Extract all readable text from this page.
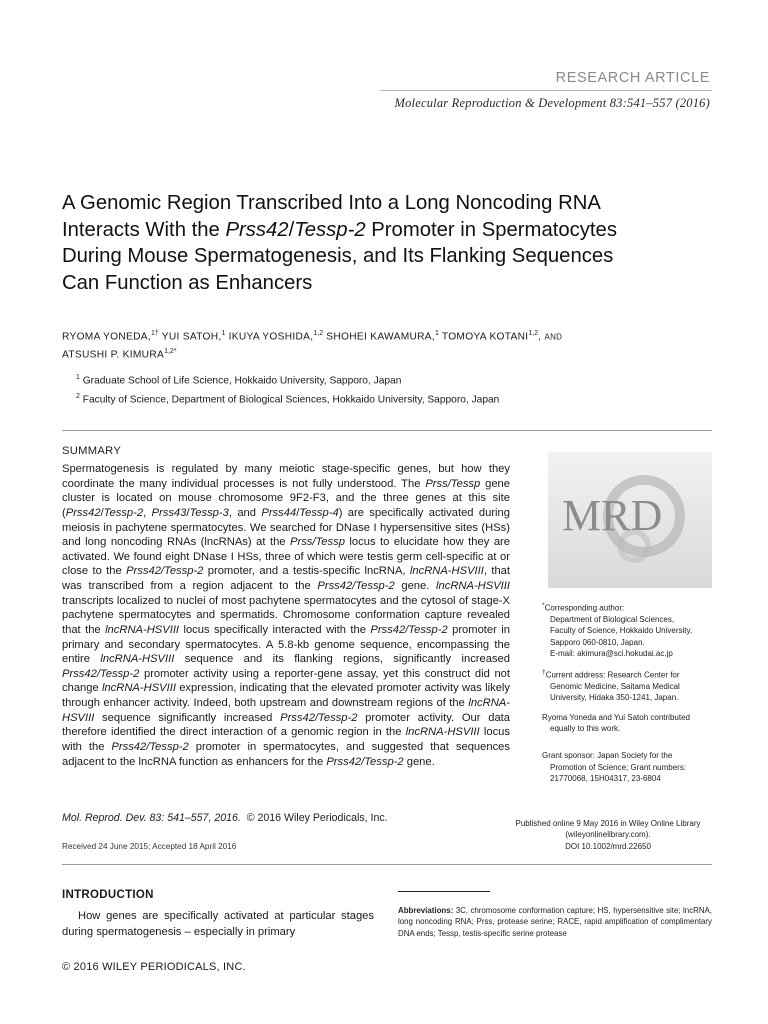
RESEARCH ARTICLE
Molecular Reproduction & Development 83:541–557 (2016)
A Genomic Region Transcribed Into a Long Noncoding RNA
Interacts With the Prss42/Tessp-2 Promoter in Spermatocytes
During Mouse Spermatogenesis, and Its Flanking Sequences
Can Function as Enhancers
RYOMA YONEDA,$^{1\dagger}$ YUI SATOH,$^1$ IKUYA YOSHIDA,$^{1,2}$ SHOHEI KAWAMURA,$^1$ TOMOYA KOTANI$^{1,2}$, AND
ATSUSHI P. $KIMURA^{1,2*}$
$^1$ Graduate School of Life Science, Hokkaido University, Sapporo, Japan
$^2$ Faculty of Science, Department of Biological Sciences, Hokkaido University, Sapporo, Japan
SUMMARY
Spermatogenesis is regulated by many meiotic stage-specific genes, but how they coordinate the many individual processes is not fully understood. The Prss/Tessp gene cluster is located on mouse chromosome 9F2-F3, and the three genes at this site (Prss42/Tessp-2, Prss43/Tessp-3, and Prss44/Tessp-4) are specifically activated during meiosis in pachytene spermatocytes. We searched for DNase I hypersensitive sites (HSs) and long noncoding RNAs (lncRNAs) at the Prss/Tessp locus to elucidate how they are activated. We found eight DNase I HSs, three of which were testis germ cell-specific at or close to the Prss42/Tessp-2 promoter, and a testis-specific lncRNA, lncRNA-HSVIII, that was transcribed from a region adjacent to the Prss42/Tessp-2 gene. lncRNA-HSVIII transcripts localized to nuclei of most pachytene spermatocytes and the cytosol of stage-X pachytene spermatocytes and spermatids. Chromosome conformation capture revealed that the lncRNA-HSVIII locus specifically interacted with the Prss42/Tessp-2 promoter in primary and secondary spermatocytes. A 5.8-kb genome sequence, encompassing the entire lncRNA-HSVIII sequence and its flanking regions, significantly increased Prss42/Tessp-2 promoter activity using a reporter-gene assay, yet this construct did not change lncRNA-HSVIII expression, indicating that the elevated promoter activity was likely through enhancer activity. Indeed, both upstream and downstream regions of the lncRNA-HSVIII sequence significantly increased Prss42/Tessp-2 promoter activity. Our data therefore identified the direct interaction of a genomic region in the lncRNA-HSVIII locus with the Prss42/Tessp-2 promoter in spermatocytes, and suggested that sequences adjacent to the lncRNA function as enhancers for the Prss42/Tessp-2 gene.
MRD

*Corresponding author:

Department of Biological Sciences,

Faculty of Science, Hokkaido University,

Sapporo 060-0810, Japan.

E-mail: akimura@sci.hokudai.ac.jp

†Current address: Research Center for

Genomic Medicine, Saitama Medical

University, Hidaka 350-1241, Japan.

Ryoma Yoneda and Yui Satoh contributed

equally to this work.

Grant sponsor: Japan Society for the

Promotion of Science; Grant numbers:

21770068, 15H04317, 23-6804

Mol. Reprod. Dev. 83: 541–557, 2016. © 2016 Wiley Periodicals, Inc.
Received 24 June 2015; Accepted 18 April 2016
Published online 9 May 2016 in Wiley Online Library
(wileyonlinelibrary.com).
DOI 10.1002/mrd.22650
INTRODUCTION
How genes are specifically activated at particular stages during spermatogenesis – especially in primary
Abbreviations: 3C, chromosome conformation capture; HS, hypersensitive site; lncRNA, long noncoding RNA; Prss, protease serine; RACE, rapid amplification of complimentary DNA ends; Tessp, testis-specific serine protease
© 2016 WILEY PERIODICALS, INC.
